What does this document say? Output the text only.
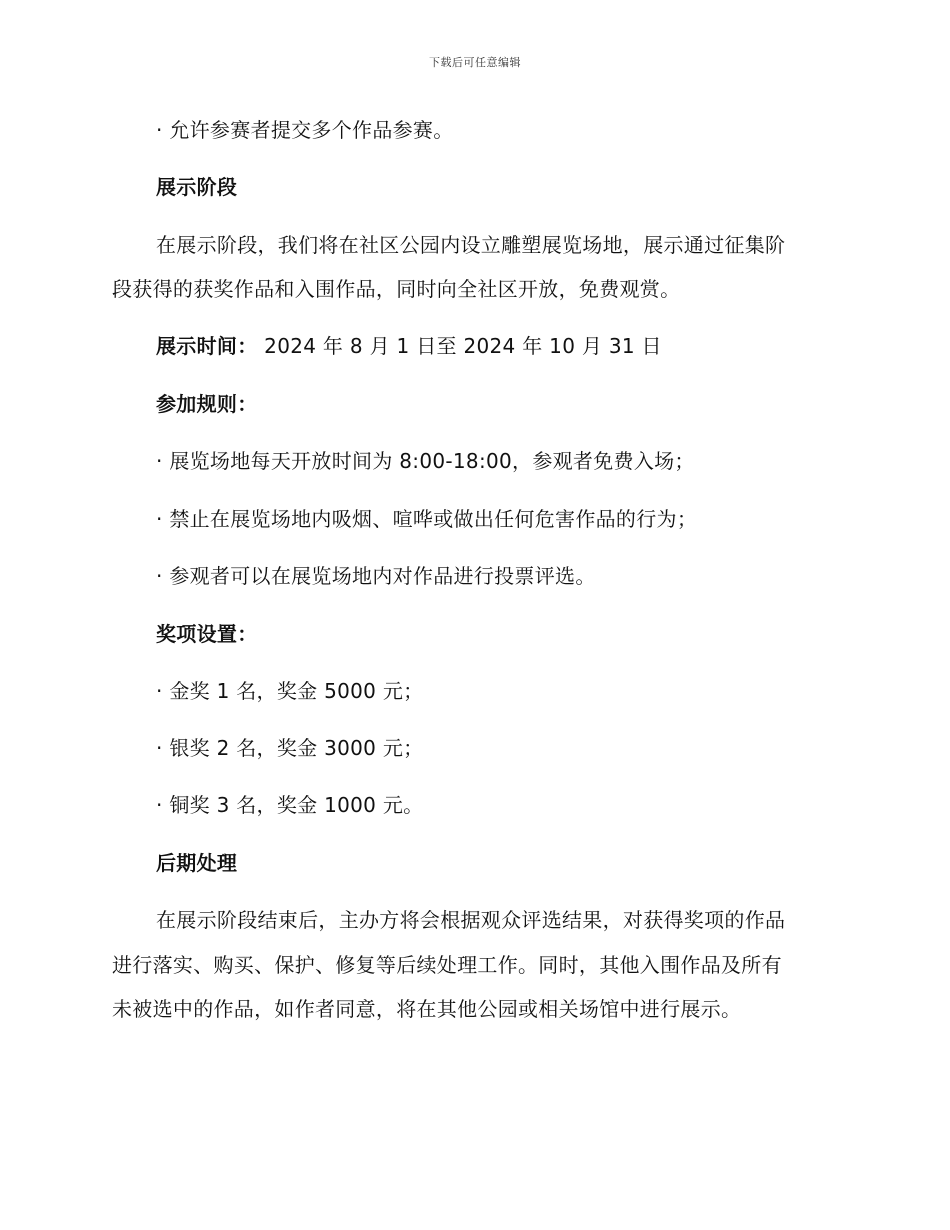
下载后可任意编辑
· 允许参赛者提交多个作品参赛。
展示阶段
在展示阶段，我们将在社区公园内设立雕塑展览场地，展示通过征集阶
段获得的获奖作品和入围作品，同时向全社区开放，免费观赏。
展示时间： 2024 年 8 月 1 日至 2024 年 10 月 31 日
参加规则：
· 展览场地每天开放时间为 8:00-18:00，参观者免费入场；
· 禁止在展览场地内吸烟、喧哗或做出任何危害作品的行为；
· 参观者可以在展览场地内对作品进行投票评选。
奖项设置：
· 金奖 1 名，奖金 5000 元；
· 银奖 2 名，奖金 3000 元；
· 铜奖 3 名，奖金 1000 元。
后期处理
在展示阶段结束后，主办方将会根据观众评选结果，对获得奖项的作品
进行落实、购买、保护、修复等后续处理工作。同时，其他入围作品及所有
未被选中的作品，如作者同意，将在其他公园或相关场馆中进行展示。
